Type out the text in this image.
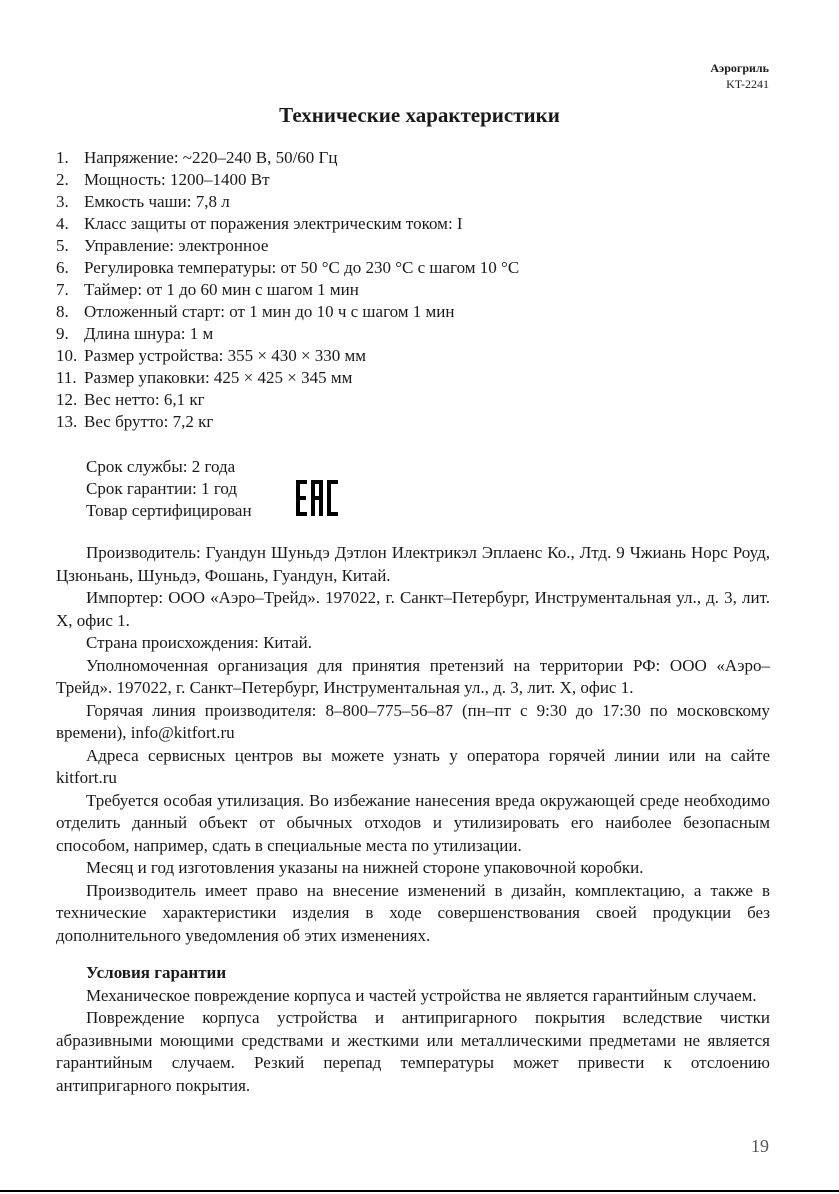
Аэрогриль
KT-2241
Технические характеристики
1. Напряжение: ~220–240 В, 50/60 Гц
2. Мощность: 1200–1400 Вт
3. Емкость чаши: 7,8 л
4. Класс защиты от поражения электрическим током: I
5. Управление: электронное
6. Регулировка температуры: от 50 °C до 230 °C с шагом 10 °C
7. Таймер: от 1 до 60 мин с шагом 1 мин
8. Отложенный старт: от 1 мин до 10 ч с шагом 1 мин
9. Длина шнура: 1 м
10. Размер устройства: 355 × 430 × 330 мм
11. Размер упаковки: 425 × 425 × 345 мм
12. Вес нетто: 6,1 кг
13. Вес брутто: 7,2 кг
Срок службы: 2 года
Срок гарантии: 1 год
Товар сертифицирован

Производитель: Гуандун Шуньдэ Дэтлон Илектрикэл Эплаенс Ко., Лтд. 9 Чжиань Норс Роуд, Цзюньань, Шуньдэ, Фошань, Гуандун, Китай.

Импортер: ООО «Аэро–Трейд». 197022, г. Санкт–Петербург, Инструментальная ул., д. 3, лит. Х, офис 1.

Страна происхождения: Китай.

Уполномоченная организация для принятия претензий на территории РФ: ООО «Аэро–Трейд». 197022, г. Санкт–Петербург, Инструментальная ул., д. 3, лит. Х, офис 1.

Горячая линия производителя: 8–800–775–56–87 (пн–пт с 9:30 до 17:30 по московскому времени), info@kitfort.ru

Адреса сервисных центров вы можете узнать у оператора горячей линии или на сайте kitfort.ru

Требуется особая утилизация. Во избежание нанесения вреда окружающей среде необходимо отделить данный объект от обычных отходов и утилизировать его наиболее безопасным способом, например, сдать в специальные места по утилизации.

Месяц и год изготовления указаны на нижней стороне упаковочной коробки.

Производитель имеет право на внесение изменений в дизайн, комплектацию, а также в технические характеристики изделия в ходе совершенствования своей продукции без дополнительного уведомления об этих изменениях.

Условия гарантии

Механическое повреждение корпуса и частей устройства не является гарантийным случаем.

Повреждение корпуса устройства и антипригарного покрытия вследствие чистки абразивными моющими средствами и жесткими или металлическими предметами не является гарантийным случаем. Резкий перепад температуры может привести к отслоению антипригарного покрытия.

19
